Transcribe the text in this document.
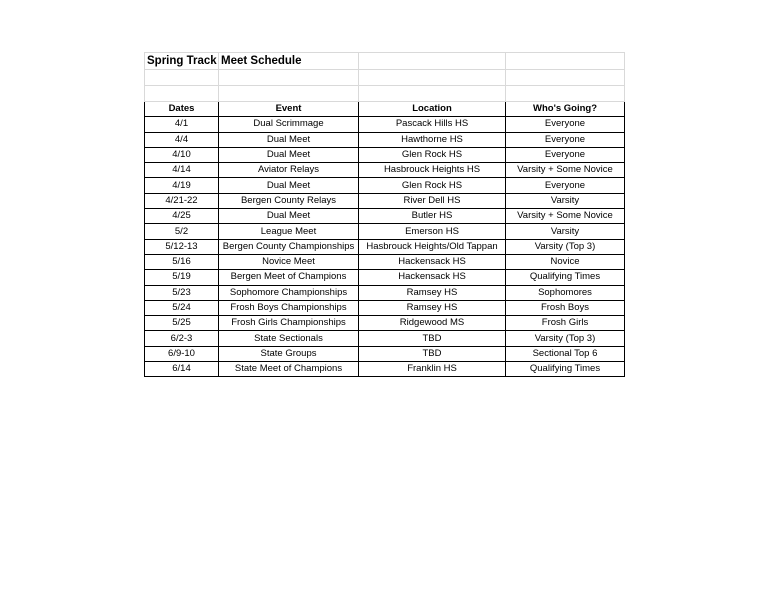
Spring Track	Meet Schedule		

Dates	Event	Location	Who's Going?
4/1	Dual Scrimmage	Pascack Hills HS	Everyone
4/4	Dual Meet	Hawthorne HS	Everyone
4/10	Dual Meet	Glen Rock HS	Everyone
4/14	Aviator Relays	Hasbrouck Heights HS	Varsity + Some Novice
4/19	Dual Meet	Glen Rock HS	Everyone
4/21-22	Bergen County Relays	River Dell HS	Varsity
4/25	Dual Meet	Butler HS	Varsity + Some Novice
5/2	League Meet	Emerson HS	Varsity
5/12-13	Bergen County Championships	Hasbrouck Heights/Old Tappan	Varsity (Top 3)
5/16	Novice Meet	Hackensack HS	Novice
5/19	Bergen Meet of Champions	Hackensack HS	Qualifying Times
5/23	Sophomore Championships	Ramsey HS	Sophomores
5/24	Frosh Boys Championships	Ramsey HS	Frosh Boys
5/25	Frosh Girls Championships	Ridgewood MS	Frosh Girls
6/2-3	State Sectionals	TBD	Varsity (Top 3)
6/9-10	State Groups	TBD	Sectional Top 6
6/14	State Meet of Champions	Franklin HS	Qualifying Times
